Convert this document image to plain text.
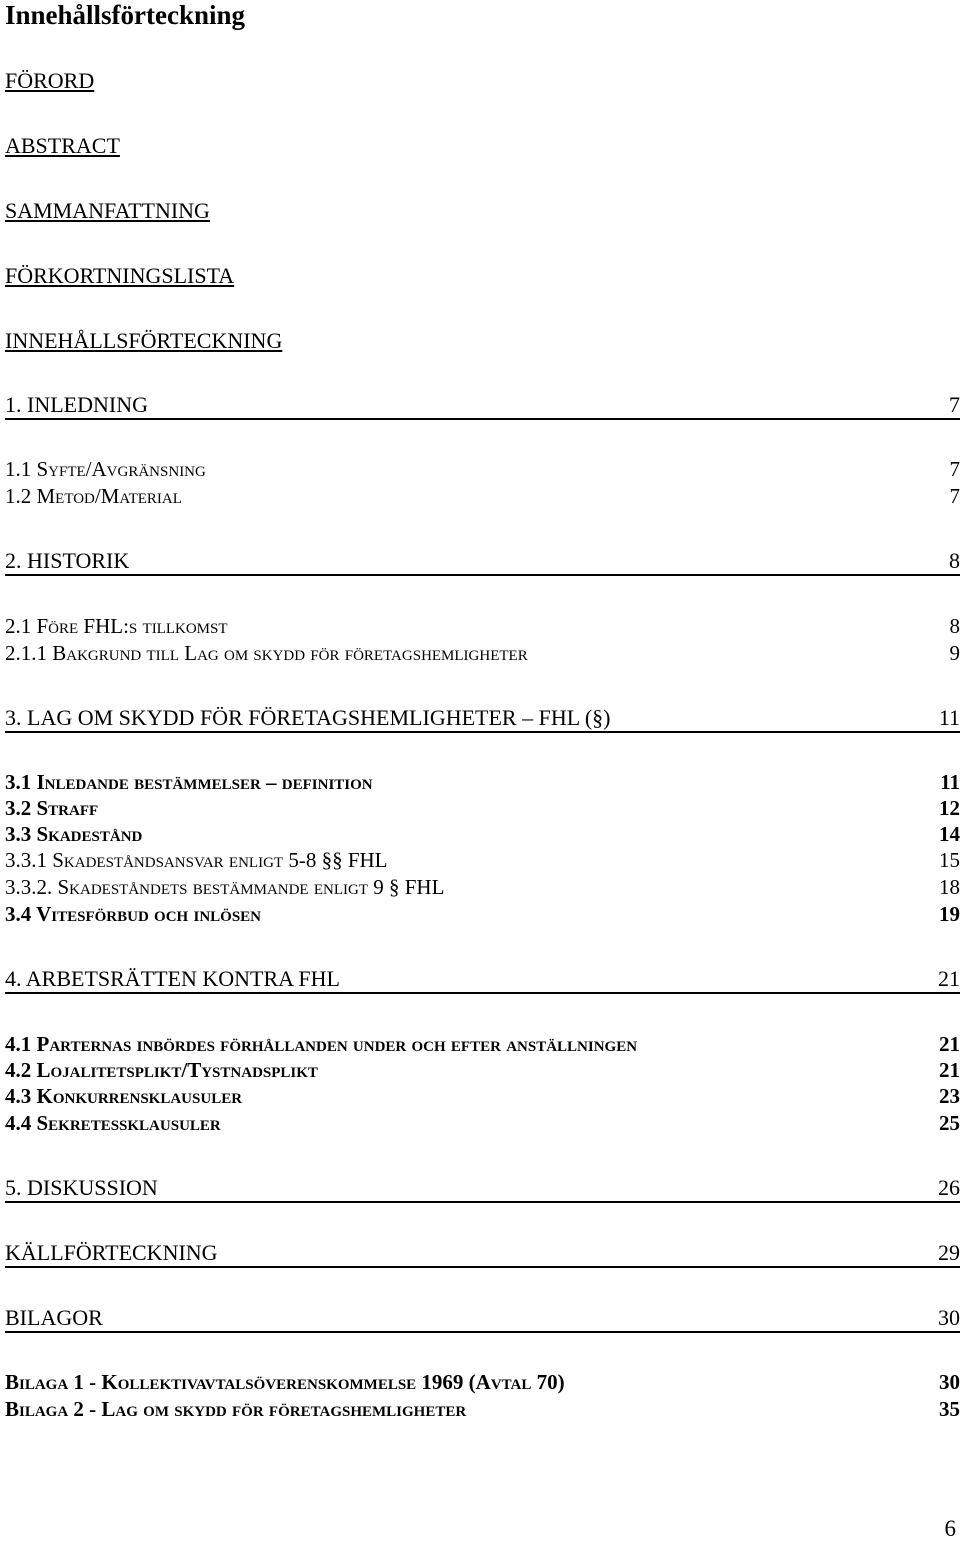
Innehållsförteckning
FÖRORD
ABSTRACT
SAMMANFATTNING
FÖRKORTNINGSLISTA
INNEHÅLLSFÖRTECKNING
1. INLEDNING	7
1.1 Syfte/Avgränsning	7
1.2 Metod/Material	7
2. HISTORIK	8
2.1 Före FHL:s tillkomst	8
2.1.1 Bakgrund till Lag om skydd för företagshemligheter	9
3. LAG OM SKYDD FÖR FÖRETAGSHEMLIGHETER – FHL (§)	11
3.1 Inledande bestämmelser – definition	11
3.2 Straff	12
3.3 Skadestånd	14
3.3.1 Skadeståndsansvar enligt 5-8 §§ FHL	15
3.3.2. Skadeståndets bestämmande enligt 9 § FHL	18
3.4 Vitesförbud och inlösen	19
4. ARBETSRÄTTEN KONTRA FHL	21
4.1 Parternas inbördes förhållanden under och efter anställningen	21
4.2 Lojalitetsplikt/Tystnadsplikt	21
4.3 Konkurrensklausuler	23
4.4 Sekretessklausuler	25
5. DISKUSSION	26
KÄLLFÖRTECKNING	29
BILAGOR	30
Bilaga 1 - Kollektivavtalsöverenskommelse 1969 (Avtal 70)	30
Bilaga 2 - Lag om skydd för företagshemligheter	35
6
